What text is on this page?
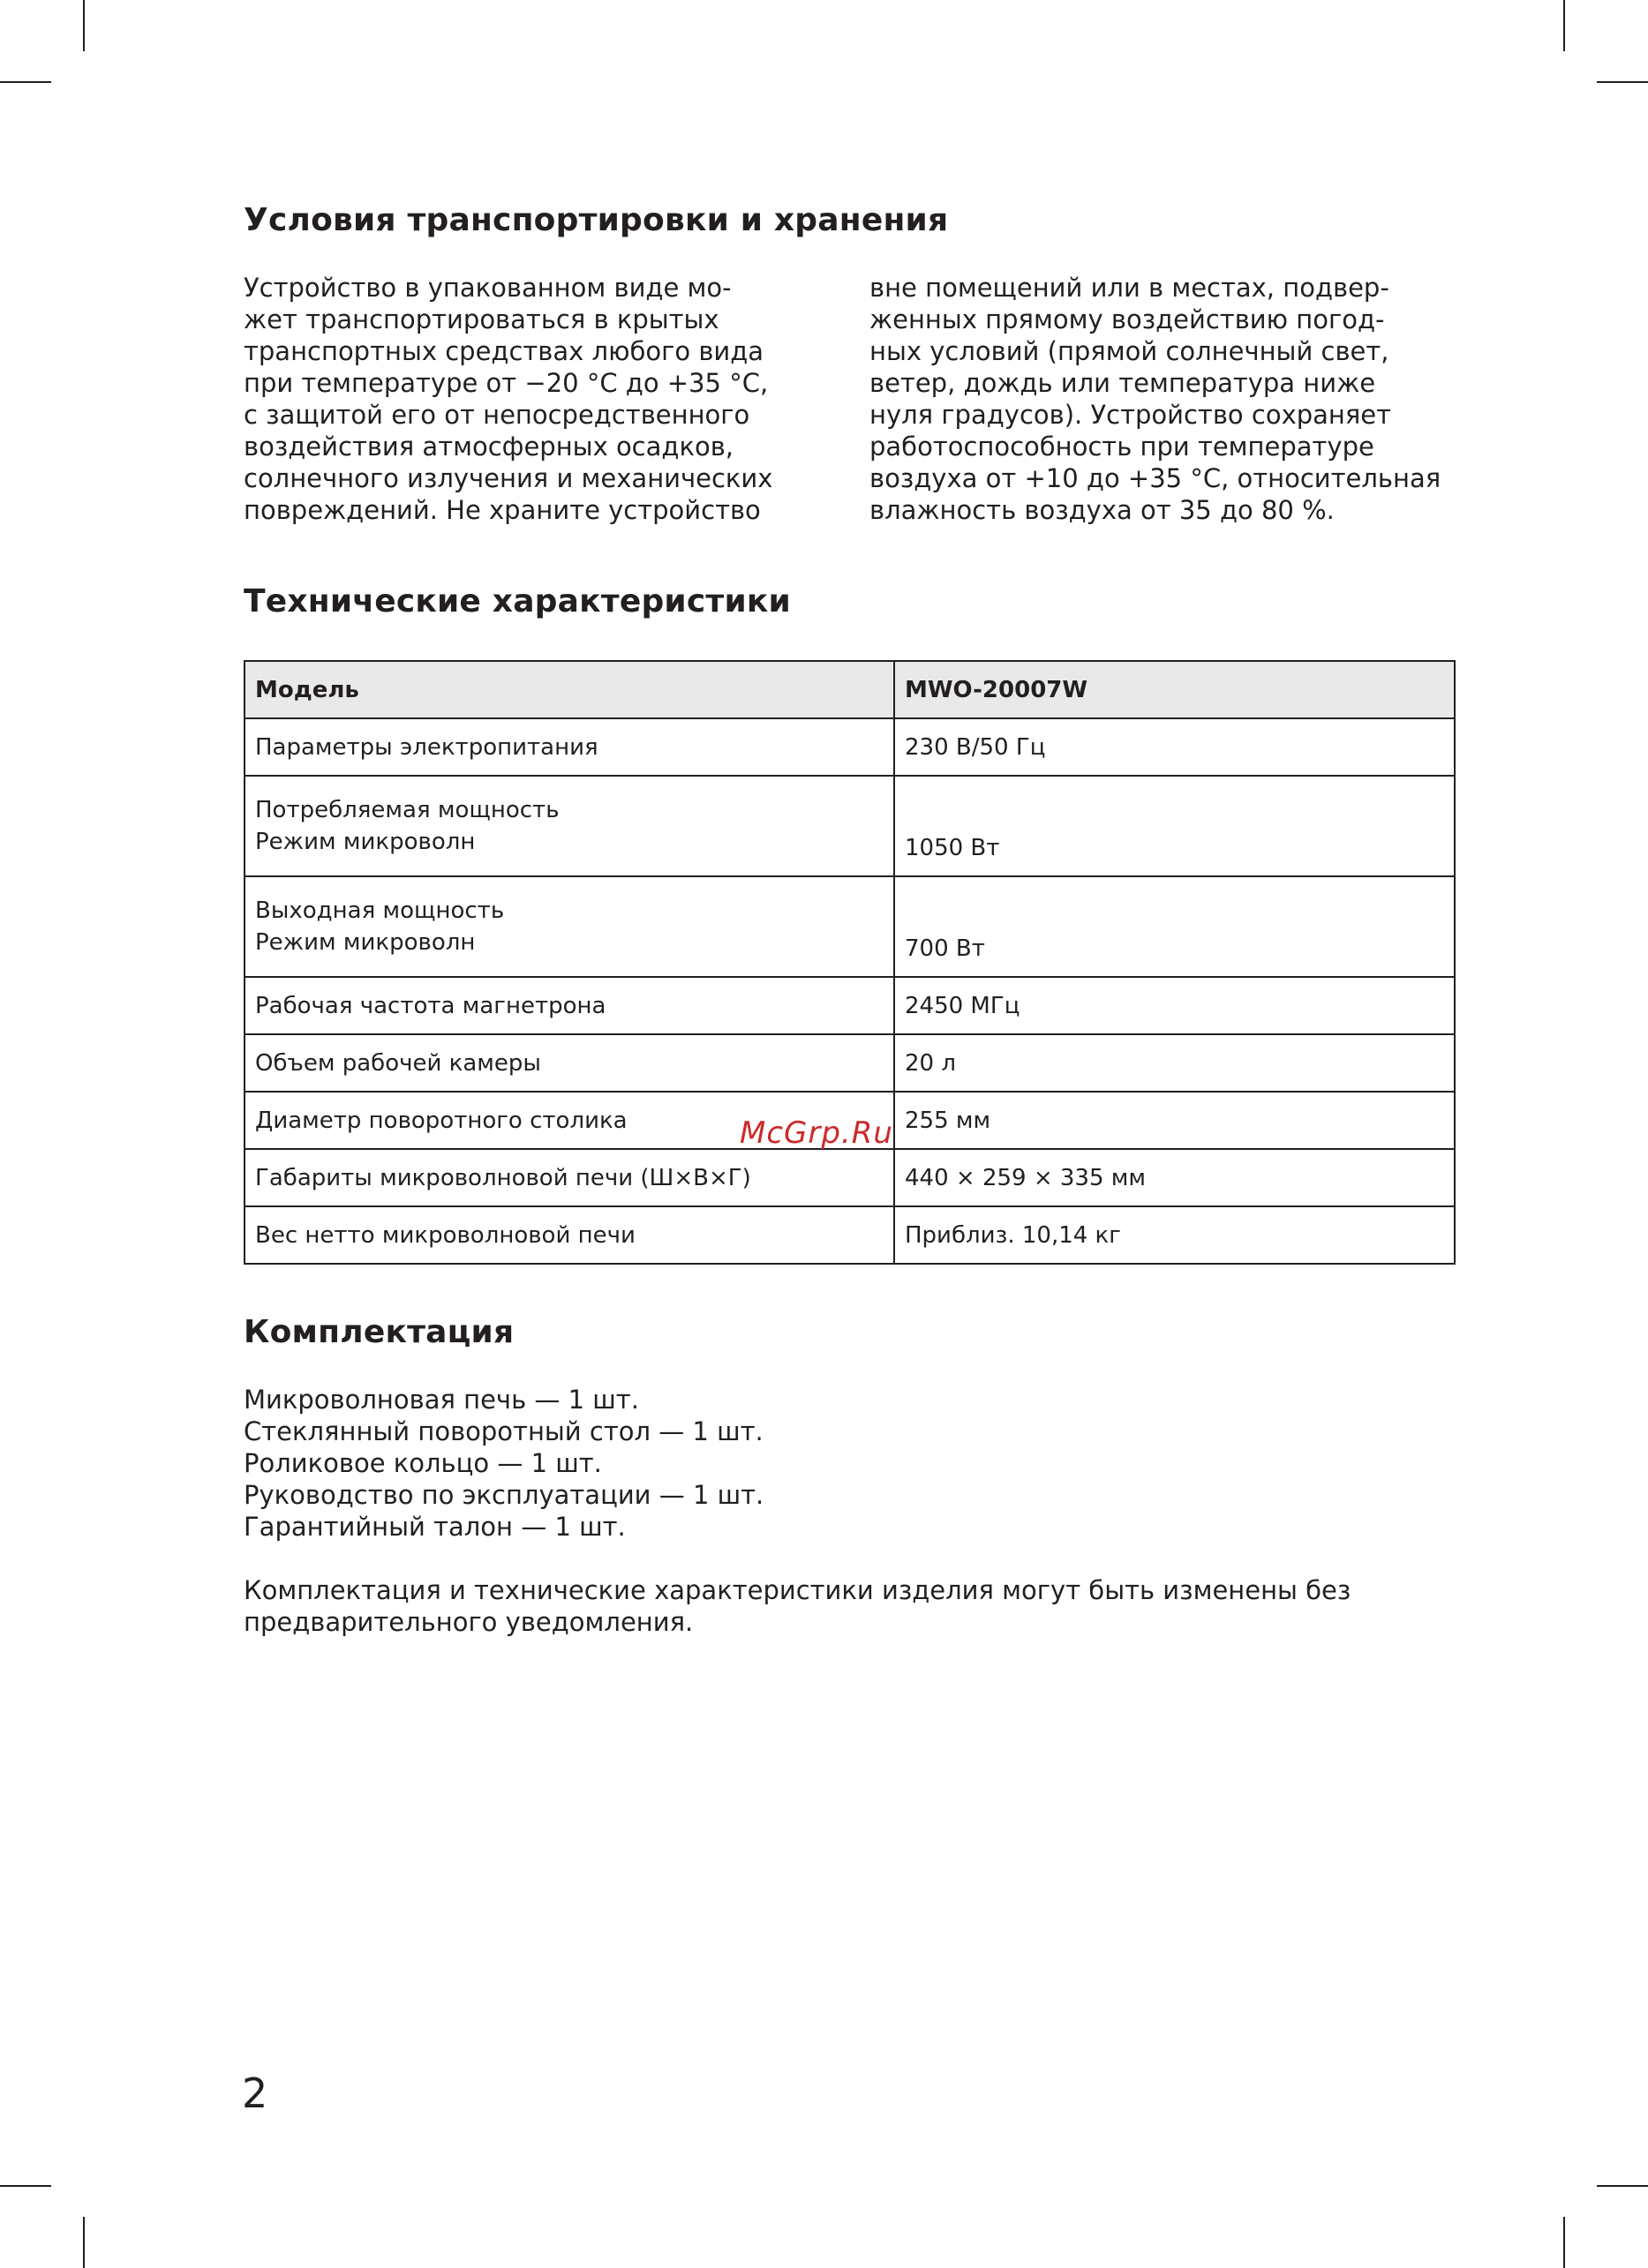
Условия транспортировки и хранения
Устройство в упакованном виде мо-
жет транспортироваться в крытых
транспортных средствах любого вида
при температуре от −20 °С до +35 °С,
с защитой его от непосредственного
воздействия атмосферных осадков,
солнечного излучения и механических
повреждений. Не храните устройство
вне помещений или в местах, подвер-
женных прямому воздействию погод-
ных условий (прямой солнечный свет,
ветер, дождь или температура ниже
нуля градусов). Устройство сохраняет
работоспособность при температуре
воздуха от +10 до +35 °С, относительная
влажность воздуха от 35 до 80 %.
Технические характеристики
Модель	MWO-20007W
Параметры электропитания	230 В/50 Гц

Потребляемая мощность
Режим микроволн	1050 Вт

Выходная мощность
Режим микроволн	700 Вт
Рабочая частота магнетрона	2450 МГц
Объем рабочей камеры	20 л
Диаметр поворотного столика	255 мм
Габариты микроволновой печи (Ш×В×Г)	440 × 259 × 335 мм
Вес нетто микроволновой печи	Приблиз. 10,14 кг
McGrp.Ru
Комплектация
Микроволновая печь — 1 шт.
Стеклянный поворотный стол — 1 шт.
Роликовое кольцо — 1 шт.
Руководство по эксплуатации — 1 шт.
Гарантийный талон — 1 шт.
Комплектация и технические характеристики изделия могут быть изменены без
предварительного уведомления.
2
